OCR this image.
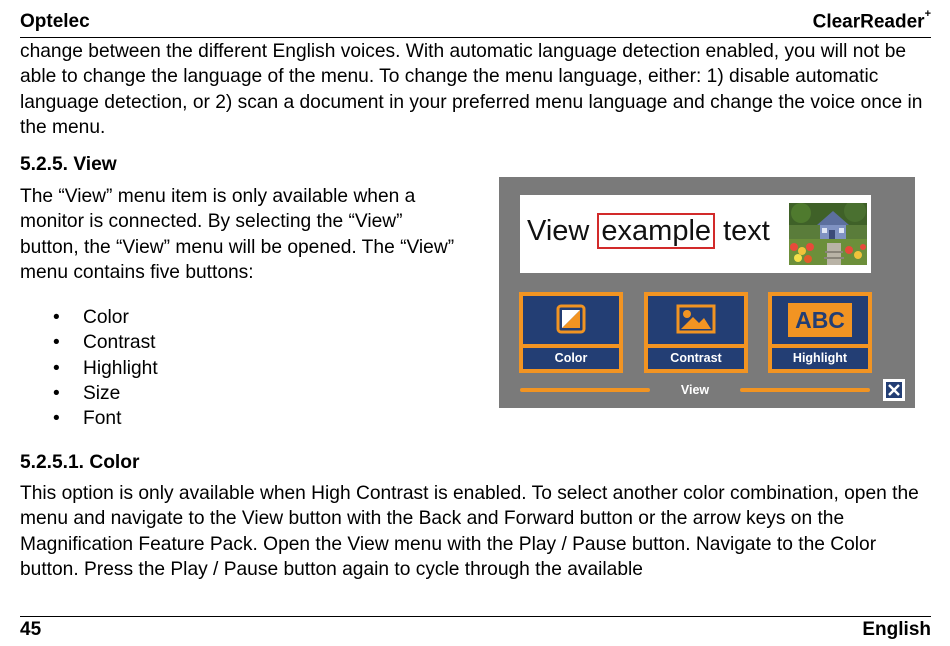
Optelec	ClearReader+

change between the different English voices. With automatic language detection enabled, you will not be able to change the language of the menu. To change the menu language, either: 1) disable automatic language detection, or 2) scan a document in your preferred menu language and change the voice once in the menu.

5.2.5. View

The “View” menu item is only available when a monitor is connected. By selecting the “View” button, the “View” menu will be opened. The “View” menu contains five buttons:

• Color
• Contrast
• Highlight
• Size
• Font
View example text
Color	Contrast
ABC
Highlight
View
5.2.5.1. Color

This option is only available when High Contrast is enabled. To select another color combination, open the menu and navigate to the View button with the Back and Forward button or the arrow keys on the Magnification Feature Pack. Open the View menu with the Play / Pause button. Navigate to the Color button. Press the Play / Pause button again to cycle through the available

45	English
